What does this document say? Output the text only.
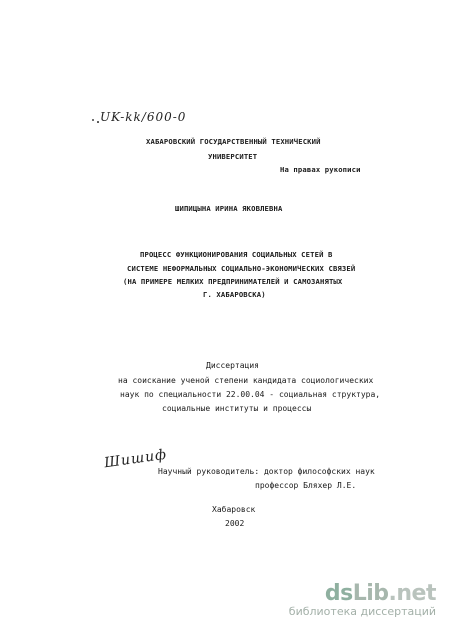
UK-kk/600-0
ХАБАРОВСКИЙ ГОСУДАРСТВЕННЫЙ ТЕХНИЧЕСКИЙ
УНИВЕРСИТЕТ
На правах рукописи
ШИПИЦЫНА ИРИНА ЯКОВЛЕВНА
ПРОЦЕСС ФУНКЦИОНИРОВАНИЯ СОЦИАЛЬНЫХ СЕТЕЙ В
СИСТЕМЕ НЕФОРМАЛЬНЫХ СОЦИАЛЬНО-ЭКОНОМИЧЕСКИХ СВЯЗЕЙ
(НА ПРИМЕРЕ МЕЛКИХ ПРЕДПРИНИМАТЕЛЕЙ И САМОЗАНЯТЫХ
Г. ХАБАРОВСКА)
Диссертация
на соискание ученой степени кандидата социологических
наук по специальности 22.00.04 - социальная структура,
социальные институты и процессы
Шишиф
Научный руководитель: доктор философских наук
профессор Бляхер Л.Е.
Хабаровск
2002
dsLib.net
библиотека диссертаций
